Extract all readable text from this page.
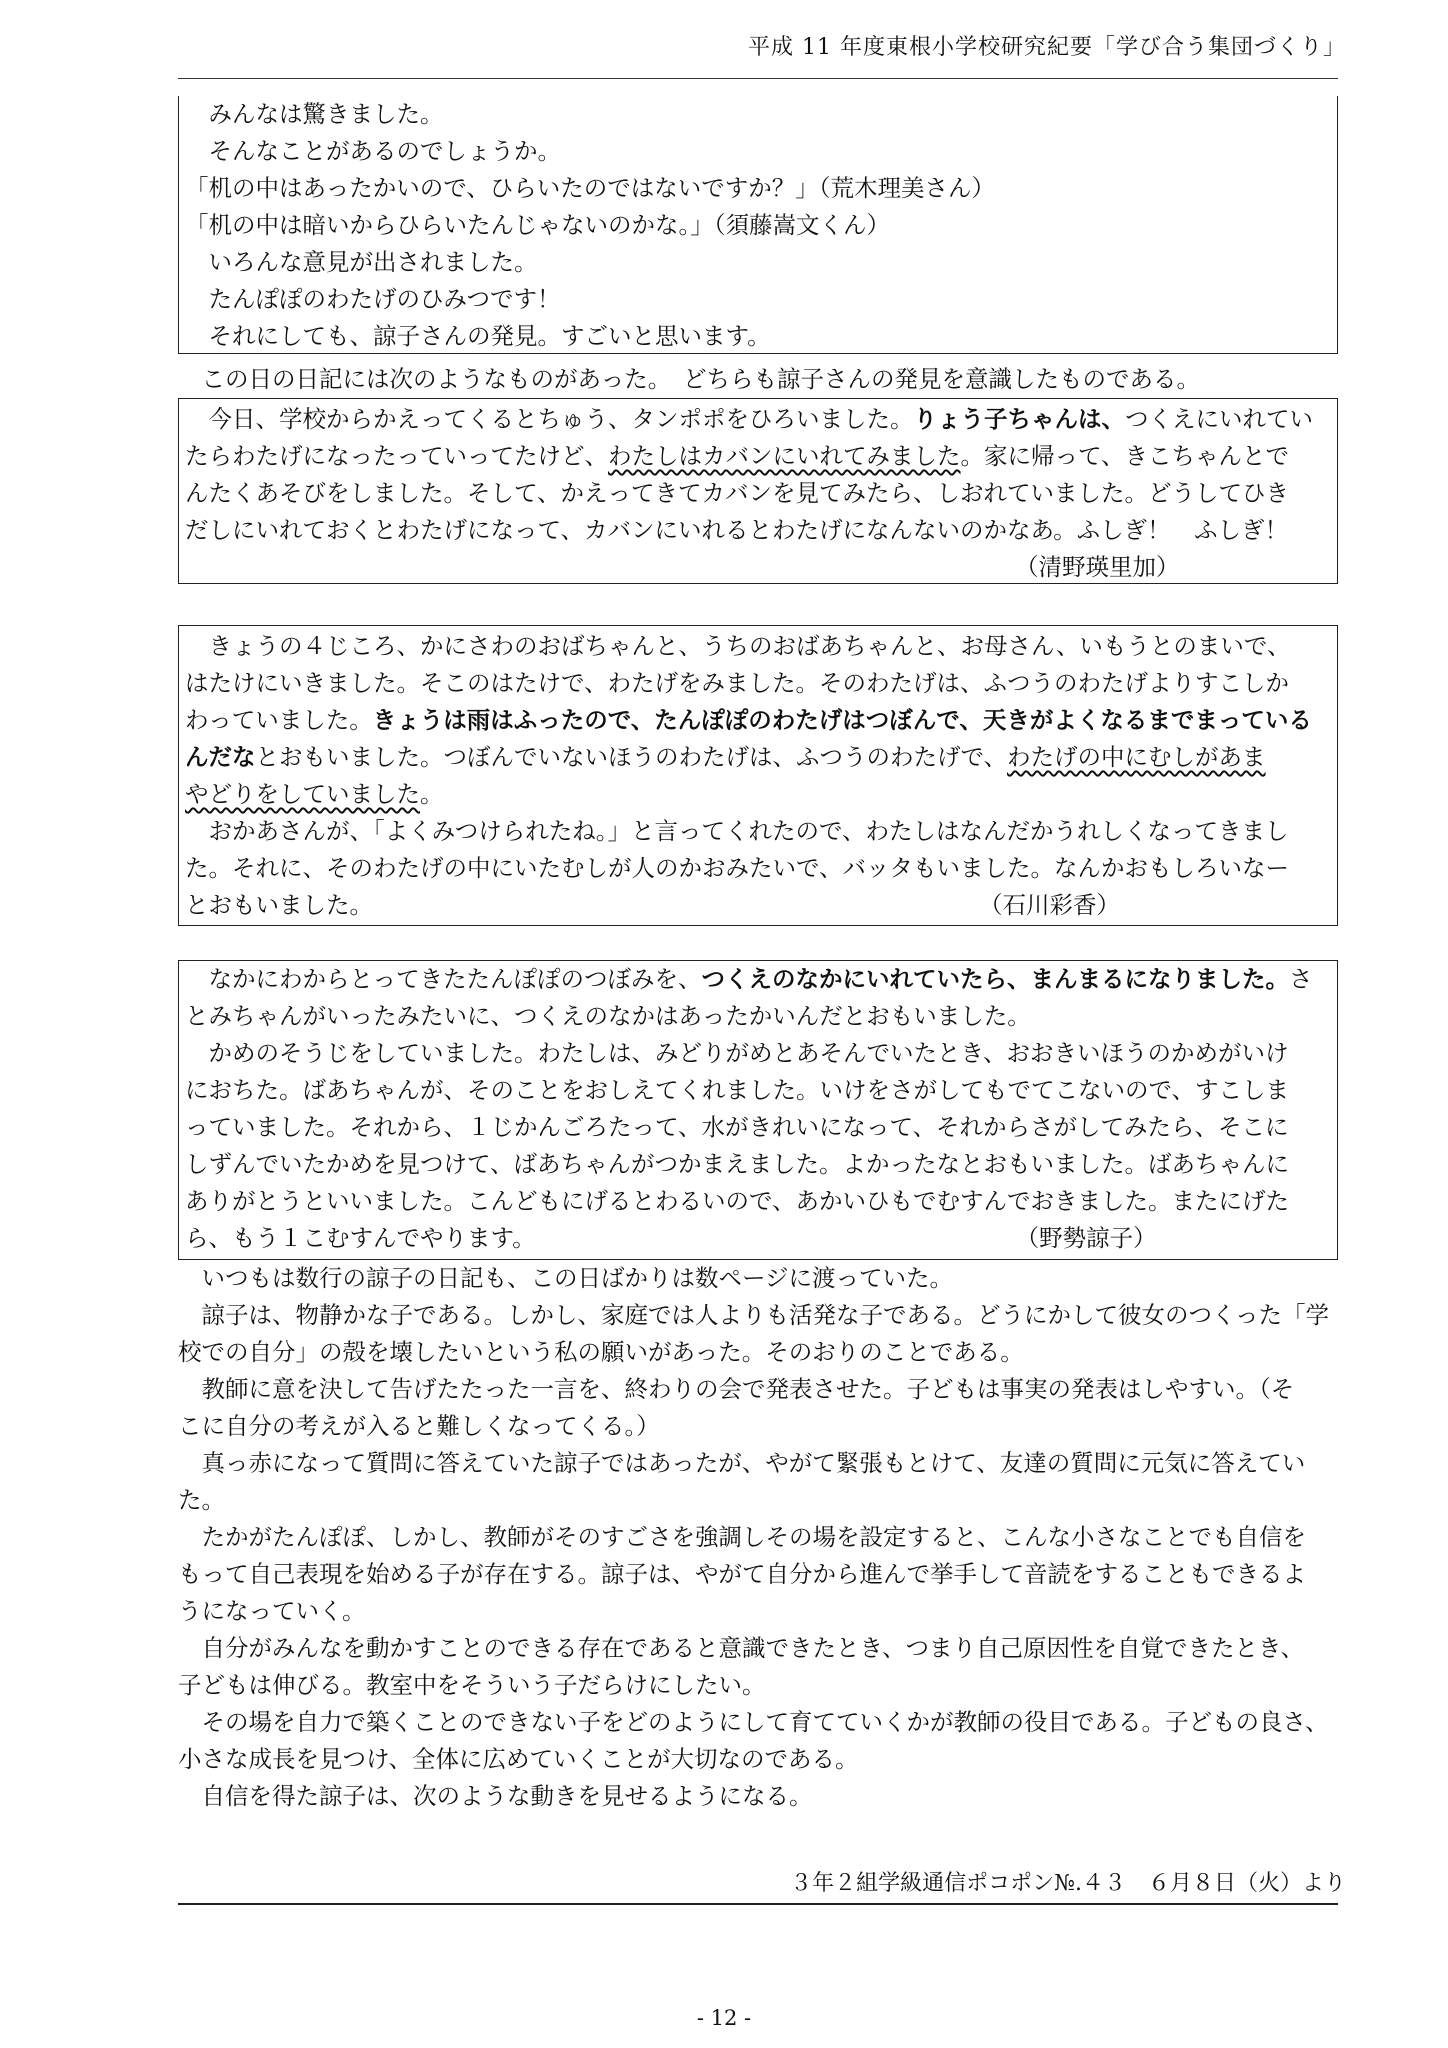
平成 11 年度東根小学校研究紀要「学び合う集団づくり」

　みんなは驚きました。

　そんなことがあるのでしょうか。

「机の中はあったかいので、ひらいたのではないですか？」（荒木理美さん）

「机の中は暗いからひらいたんじゃないのかな。」（須藤嵩文くん）

　いろんな意見が出されました。

　たんぽぽのわたげのひみつです！

　それにしても、諒子さんの発見。すごいと思います。

　この日の日記には次のようなものがあった。　どちらも諒子さんの発見を意識したものである。

　今日、学校からかえってくるとちゅう、タンポポをひろいました。りょう子ちゃんは、つくえにいれてい

たらわたげになったっていってたけど、わたしはカバンにいれてみました。家に帰って、きこちゃんとで

んたくあそびをしました。そして、かえってきてカバンを見てみたら、しおれていました。どうしてひき

だしにいれておくとわたげになって、カバンにいれるとわたげになんないのかなあ。ふしぎ！　ふしぎ！

（清野瑛里加）

　きょうの４じころ、かにさわのおばちゃんと、うちのおばあちゃんと、お母さん、いもうとのまいで、

はたけにいきました。そこのはたけで、わたげをみました。そのわたげは、ふつうのわたげよりすこしか

わっていました。きょうは雨はふったので、たんぽぽのわたげはつぼんで、天きがよくなるまでまっている

んだなとおもいました。つぼんでいないほうのわたげは、ふつうのわたげで、わたげの中にむしがあま

やどりをしていました。

　おかあさんが、「よくみつけられたね。」と言ってくれたので、わたしはなんだかうれしくなってきまし

た。それに、そのわたげの中にいたむしが人のかおみたいで、バッタもいました。なんかおもしろいなー

とおもいました。	（石川彩香）

　なかにわからとってきたたんぽぽのつぼみを、つくえのなかにいれていたら、まんまるになりました。さ

とみちゃんがいったみたいに、つくえのなかはあったかいんだとおもいました。

　かめのそうじをしていました。わたしは、みどりがめとあそんでいたとき、おおきいほうのかめがいけ

におちた。ばあちゃんが、そのことをおしえてくれました。いけをさがしてもでてこないので、すこしま

っていました。それから、１じかんごろたって、水がきれいになって、それからさがしてみたら、そこに

しずんでいたかめを見つけて、ばあちゃんがつかまえました。よかったなとおもいました。ばあちゃんに

ありがとうといいました。こんどもにげるとわるいので、あかいひもでむすんでおきました。またにげた

ら、もう１こむすんでやります。	（野勢諒子）

　いつもは数行の諒子の日記も、この日ばかりは数ページに渡っていた。

　諒子は、物静かな子である。しかし、家庭では人よりも活発な子である。どうにかして彼女のつくった「学

校での自分」の殻を壊したいという私の願いがあった。そのおりのことである。

　教師に意を決して告げたたった一言を、終わりの会で発表させた。子どもは事実の発表はしやすい。（そ

こに自分の考えが入ると難しくなってくる。）

　真っ赤になって質問に答えていた諒子ではあったが、やがて緊張もとけて、友達の質問に元気に答えてい

た。

　たかがたんぽぽ、しかし、教師がそのすごさを強調しその場を設定すると、こんな小さなことでも自信を

もって自己表現を始める子が存在する。諒子は、やがて自分から進んで挙手して音読をすることもできるよ

うになっていく。

　自分がみんなを動かすことのできる存在であると意識できたとき、つまり自己原因性を自覚できたとき、

子どもは伸びる。教室中をそういう子だらけにしたい。

　その場を自力で築くことのできない子をどのようにして育てていくかが教師の役目である。子どもの良さ、

小さな成長を見つけ、全体に広めていくことが大切なのである。

　自信を得た諒子は、次のような動きを見せるようになる。

３年２組学級通信ポコポン№.４３　６月８日（火）より
- 12 -
